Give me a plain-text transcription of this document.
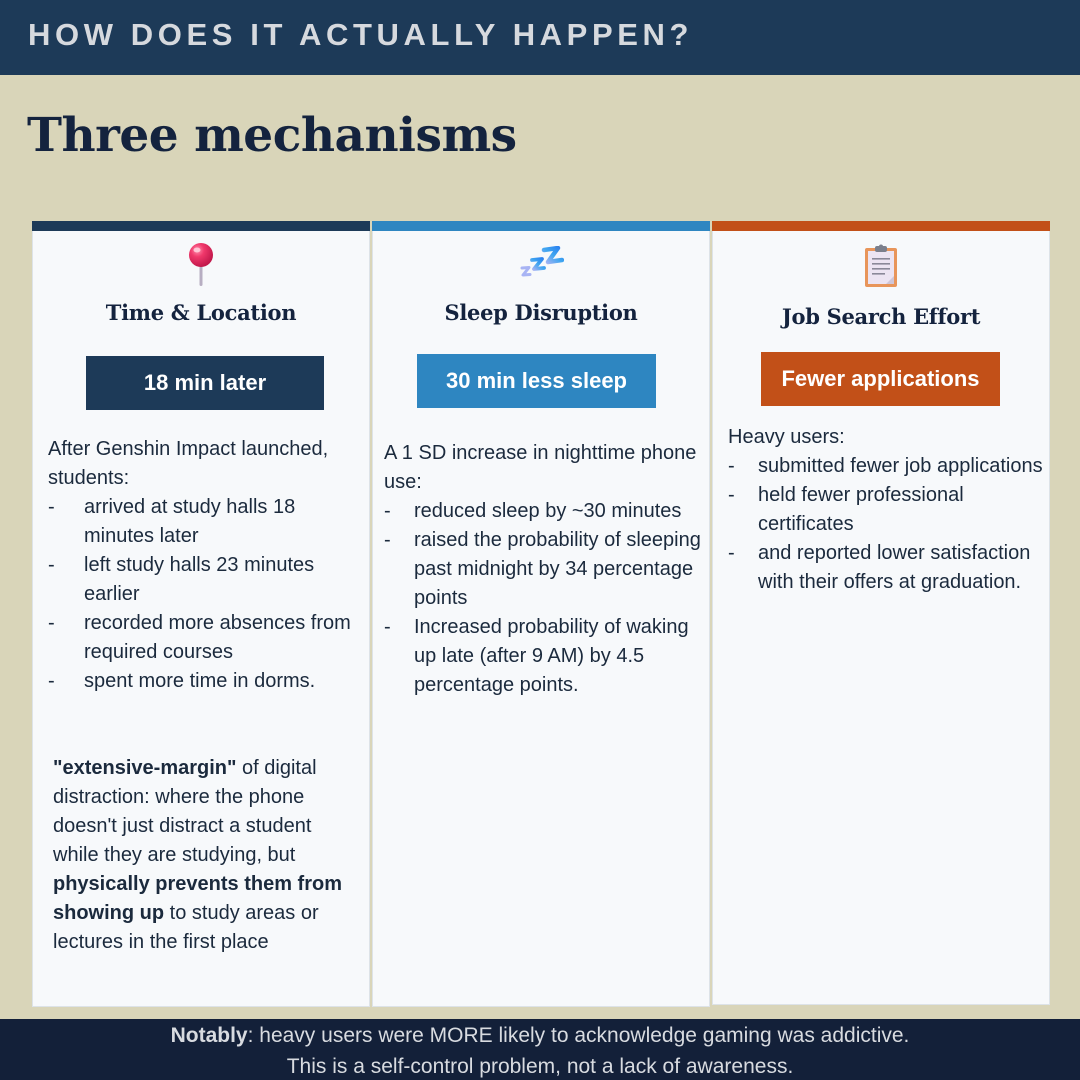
HOW DOES IT ACTUALLY HAPPEN?
Three mechanisms
Time & Location
18 min later
After Genshin Impact launched, students:
- arrived at study halls 18 minutes later
- left study halls 23 minutes earlier
- recorded more absences from required courses
- spent more time in dorms.
"extensive-margin" of digital distraction: where the phone doesn't just distract a student while they are studying, but physically prevents them from showing up to study areas or lectures in the first place
Sleep Disruption
30 min less sleep
A 1 SD increase in nighttime phone use:
- reduced sleep by ~30 minutes
- raised the probability of sleeping past midnight by 34 percentage points
- Increased probability of waking up late (after 9 AM) by 4.5 percentage points.
Job Search Effort
Fewer applications
Heavy users:
- submitted fewer job applications
- held fewer professional certificates
- and reported lower satisfaction with their offers at graduation.
Notably: heavy users were MORE likely to acknowledge gaming was addictive.
This is a self-control problem, not a lack of awareness.
